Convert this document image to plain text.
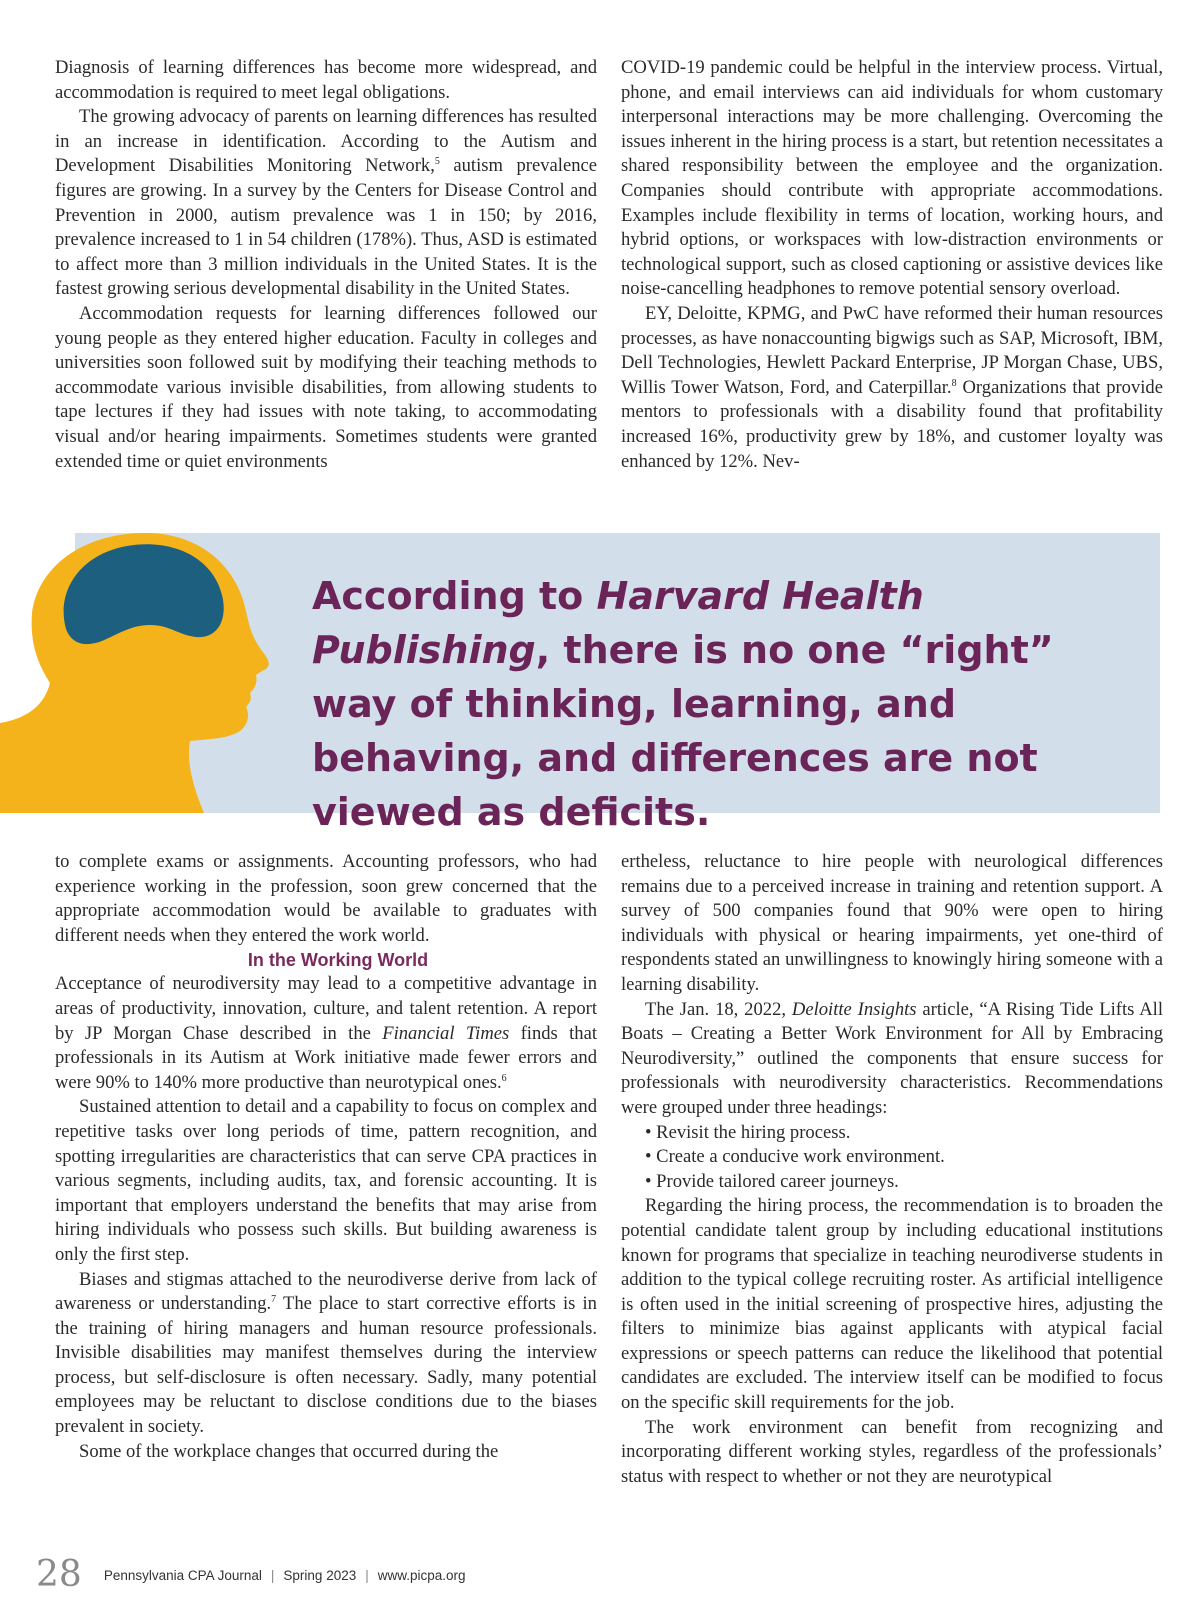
Diagnosis of learning differences has become more widespread, and accommodation is required to meet legal obligations.

The growing advocacy of parents on learning differences has resulted in an increase in identification. According to the Autism and Development Disabilities Monitoring Network,$^5$ autism prevalence figures are growing. In a survey by the Centers for Disease Control and Prevention in 2000, autism prevalence was 1 in 150; by 2016, prevalence increased to 1 in 54 children (178%). Thus, ASD is estimated to affect more than 3 million individuals in the United States. It is the fastest growing serious developmental disability in the United States.

Accommodation requests for learning differences followed our young people as they entered higher education. Faculty in colleges and universities soon followed suit by modifying their teaching methods to accommodate various invisible disabilities, from allowing students to tape lectures if they had issues with note taking, to accommodating visual and/or hearing impairments. Sometimes students were granted extended time or quiet environments

COVID-19 pandemic could be helpful in the interview process. Virtual, phone, and email interviews can aid individuals for whom customary interpersonal interactions may be more challenging. Overcoming the issues inherent in the hiring process is a start, but retention necessitates a shared responsibility between the employee and the organization. Companies should contribute with appropriate accommodations. Examples include flexibility in terms of location, working hours, and hybrid options, or workspaces with low-distraction environments or technological support, such as closed captioning or assistive devices like noise-cancelling headphones to remove potential sensory overload.

EY, Deloitte, KPMG, and PwC have reformed their human resources processes, as have nonaccounting bigwigs such as SAP, Microsoft, IBM, Dell Technologies, Hewlett Packard Enterprise, JP Morgan Chase, UBS, Willis Tower Watson, Ford, and Caterpillar.$^8$ Organizations that provide mentors to professionals with a disability found that profitability increased 16%, productivity grew by 18%, and customer loyalty was enhanced by 12%. Nev-

According to Harvard Health Publishing, there is no one “right” way of thinking, learning, and behaving, and differences are not viewed as deficits.

to complete exams or assignments. Accounting professors, who had experience working in the profession, soon grew concerned that the appropriate accommodation would be available to graduates with different needs when they entered the work world.

In the Working World

Acceptance of neurodiversity may lead to a competitive advantage in areas of productivity, innovation, culture, and talent retention. A report by JP Morgan Chase described in the Financial Times finds that professionals in its Autism at Work initiative made fewer errors and were 90% to 140% more productive than neurotypical ones.$^6$

Sustained attention to detail and a capability to focus on complex and repetitive tasks over long periods of time, pattern recognition, and spotting irregularities are characteristics that can serve CPA practices in various segments, including audits, tax, and forensic accounting. It is important that employers understand the benefits that may arise from hiring individuals who possess such skills. But building awareness is only the first step.

Biases and stigmas attached to the neurodiverse derive from lack of awareness or understanding.$^7$ The place to start corrective efforts is in the training of hiring managers and human resource professionals. Invisible disabilities may manifest themselves during the interview process, but self-disclosure is often necessary. Sadly, many potential employees may be reluctant to disclose conditions due to the biases prevalent in society.

Some of the workplace changes that occurred during the

ertheless, reluctance to hire people with neurological differences remains due to a perceived increase in training and retention support. A survey of 500 companies found that 90% were open to hiring individuals with physical or hearing impairments, yet one-third of respondents stated an unwillingness to knowingly hiring someone with a learning disability.

The Jan. 18, 2022, Deloitte Insights article, “A Rising Tide Lifts All Boats – Creating a Better Work Environment for All by Embracing Neurodiversity,” outlined the components that ensure success for professionals with neurodiversity characteristics. Recommendations were grouped under three headings:

• Revisit the hiring process.
• Create a conducive work environment.
• Provide tailored career journeys.

Regarding the hiring process, the recommendation is to broaden the potential candidate talent group by including educational institutions known for programs that specialize in teaching neurodiverse students in addition to the typical college recruiting roster. As artificial intelligence is often used in the initial screening of prospective hires, adjusting the filters to minimize bias against applicants with atypical facial expressions or speech patterns can reduce the likelihood that potential candidates are excluded. The interview itself can be modified to focus on the specific skill requirements for the job.

The work environment can benefit from recognizing and incorporating different working styles, regardless of the professionals’ status with respect to whether or not they are neurotypical

28 Pennsylvania CPA Journal | Spring 2023 | www.picpa.org
